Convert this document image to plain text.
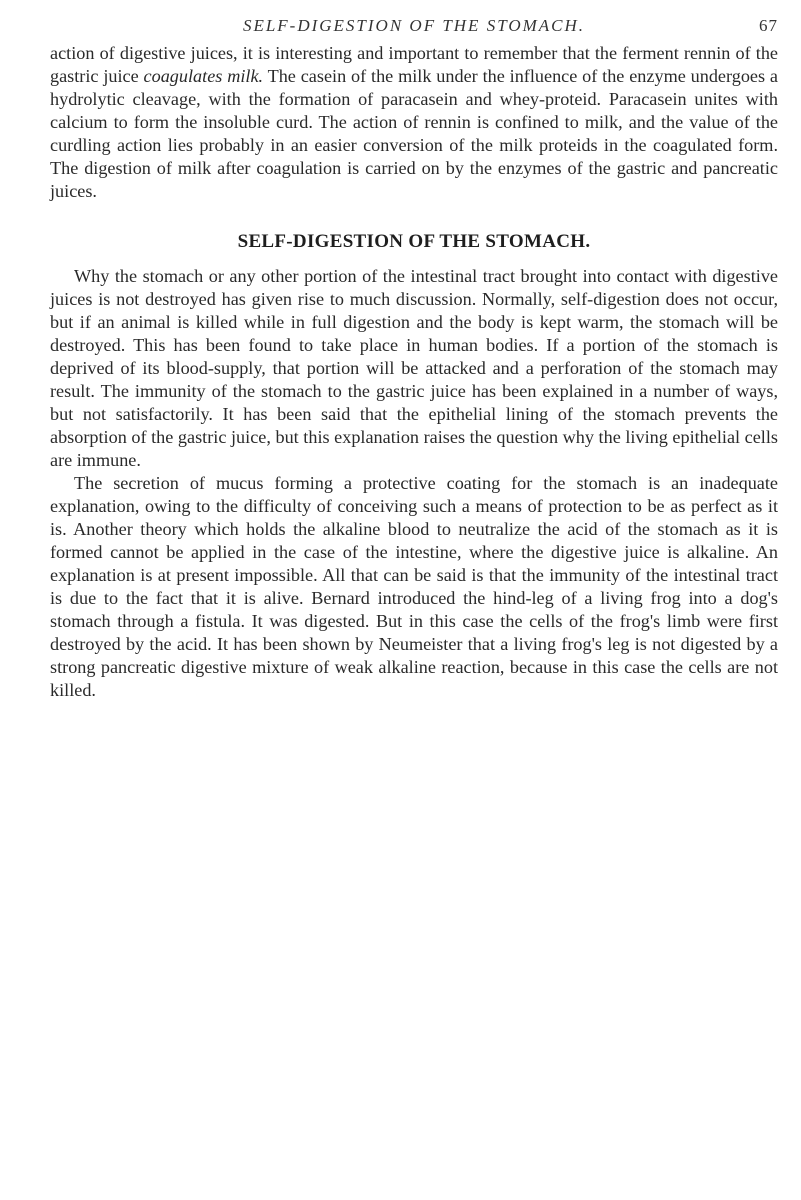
SELF-DIGESTION OF THE STOMACH.	67

action of digestive juices, it is interesting and important to remember that the ferment rennin of the gastric juice coagulates milk. The casein of the milk under the influence of the enzyme undergoes a hydrolytic cleavage, with the formation of paracasein and whey-proteid. Paracasein unites with calcium to form the insoluble curd. The action of rennin is confined to milk, and the value of the curdling action lies probably in an easier conversion of the milk proteids in the coagulated form. The digestion of milk after coagulation is carried on by the enzymes of the gastric and pancreatic juices.

SELF-DIGESTION OF THE STOMACH.

Why the stomach or any other portion of the intestinal tract brought into contact with digestive juices is not destroyed has given rise to much discussion. Normally, self-digestion does not occur, but if an animal is killed while in full digestion and the body is kept warm, the stomach will be destroyed. This has been found to take place in human bodies. If a portion of the stomach is deprived of its blood-supply, that portion will be attacked and a perforation of the stomach may result. The immunity of the stomach to the gastric juice has been explained in a number of ways, but not satisfactorily. It has been said that the epithelial lining of the stomach prevents the absorption of the gastric juice, but this explanation raises the question why the living epithelial cells are immune.

The secretion of mucus forming a protective coating for the stomach is an inadequate explanation, owing to the difficulty of conceiving such a means of protection to be as perfect as it is. Another theory which holds the alkaline blood to neutralize the acid of the stomach as it is formed cannot be applied in the case of the intestine, where the digestive juice is alkaline. An explanation is at present impossible. All that can be said is that the immunity of the intestinal tract is due to the fact that it is alive. Bernard introduced the hind-leg of a living frog into a dog's stomach through a fistula. It was digested. But in this case the cells of the frog's limb were first destroyed by the acid. It has been shown by Neumeister that a living frog's leg is not digested by a strong pancreatic digestive mixture of weak alkaline reaction, because in this case the cells are not killed.
